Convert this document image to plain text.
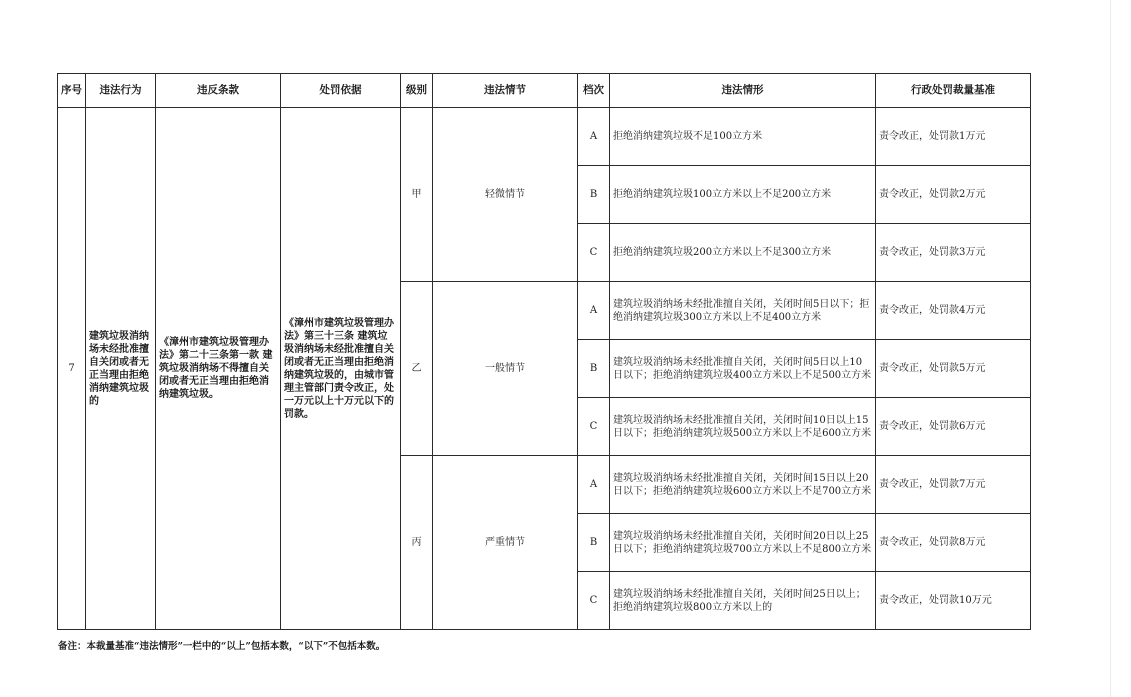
序号	违法行为	违反条款	处罚依据	级别	违法情节	档次	违法情形	行政处罚裁量基准
7	建筑垃圾消纳场未经批准擅自关闭或者无正当理由拒绝消纳建筑垃圾的	《漳州市建筑垃圾管理办法》第二十三条第一款 建筑垃圾消纳场不得擅自关闭或者无正当理由拒绝消纳建筑垃圾。	《漳州市建筑垃圾管理办法》第三十三条 建筑垃圾消纳场未经批准擅自关闭或者无正当理由拒绝消纳建筑垃圾的，由城市管理主管部门责令改正，处一万元以上十万元以下的罚款。	甲	轻微情节	A	拒绝消纳建筑垃圾不足100立方米	责令改正，处罚款1万元
						B	拒绝消纳建筑垃圾100立方米以上不足200立方米	责令改正，处罚款2万元
						C	拒绝消纳建筑垃圾200立方米以上不足300立方米	责令改正，处罚款3万元
				乙	一般情节	A	建筑垃圾消纳场未经批准擅自关闭，关闭时间5日以下；拒绝消纳建筑垃圾300立方米以上不足400立方米	责令改正，处罚款4万元
						B	建筑垃圾消纳场未经批准擅自关闭，关闭时间5日以上10日以下；拒绝消纳建筑垃圾400立方米以上不足500立方米	责令改正，处罚款5万元
						C	建筑垃圾消纳场未经批准擅自关闭，关闭时间10日以上15日以下；拒绝消纳建筑垃圾500立方米以上不足600立方米	责令改正，处罚款6万元
				丙	严重情节	A	建筑垃圾消纳场未经批准擅自关闭，关闭时间15日以上20日以下；拒绝消纳建筑垃圾600立方米以上不足700立方米	责令改正，处罚款7万元
						B	建筑垃圾消纳场未经批准擅自关闭，关闭时间20日以上25日以下；拒绝消纳建筑垃圾700立方米以上不足800立方米	责令改正，处罚款8万元
						C	建筑垃圾消纳场未经批准擅自关闭，关闭时间25日以上；拒绝消纳建筑垃圾800立方米以上的	责令改正，处罚款10万元
备注：本裁量基准“违法情形”一栏中的“以上”包括本数，“以下”不包括本数。
